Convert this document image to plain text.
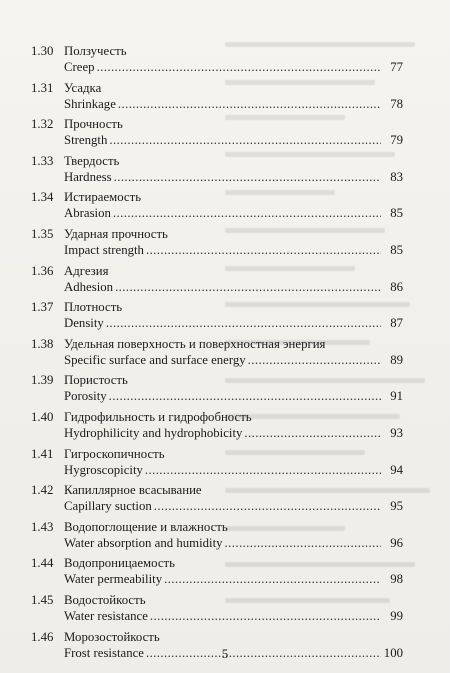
1.30 Ползучесть
Creep .....	77
1.31 Усадка
Shrinkage .....	78
1.32 Прочность
Strength .....	79
1.33 Твердость
Hardness .....	83
1.34 Истираемость
Abrasion .....	85
1.35 Ударная прочность
Impact strength .....	85
1.36 Адгезия
Adhesion .....	86
1.37 Плотность
Density .....	87
1.38 Удельная поверхность и поверхностная энергия
Specific surface and surface energy .....	89
1.39 Пористость
Porosity .....	91
1.40 Гидрофильность и гидрофобность
Hydrophilicity and hydrophobicity .....	93
1.41 Гигроскопичность
Hygroscopicity .....	94
1.42 Капиллярное всасывание
Capillary suction .....	95
1.43 Водопоглощение и влажность
Water absorption and humidity .....	96
1.44 Водопроницаемость
Water permeability .....	98
1.45 Водостойкость
Water resistance .....	99
1.46 Морозостойкость
Frost resistance .....	100
5
